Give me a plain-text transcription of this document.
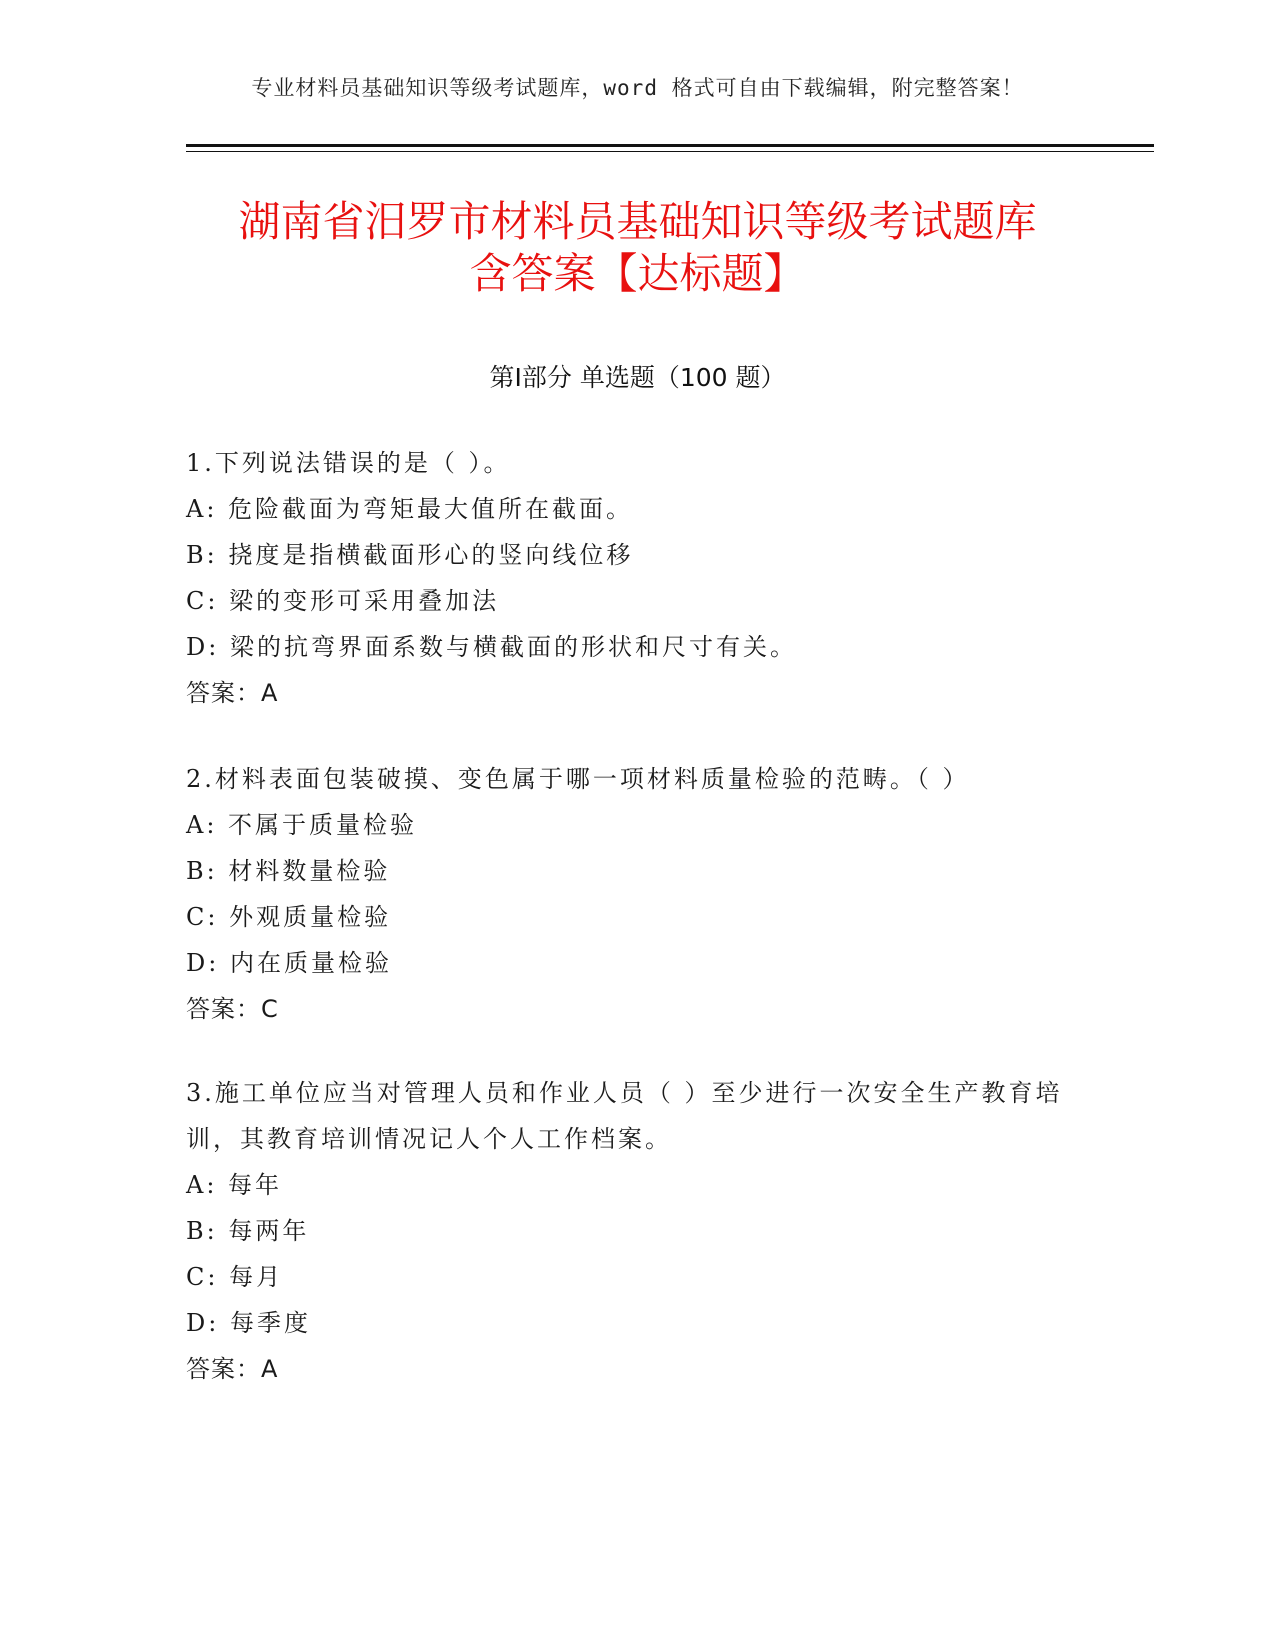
专业材料员基础知识等级考试题库，word 格式可自由下载编辑，附完整答案！
湖南省汨罗市材料员基础知识等级考试题库
含答案【达标题】
第Ⅰ部分 单选题（100 题）
1.下列说法错误的是（ ）。
A: 危险截面为弯矩最大值所在截面。
B: 挠度是指横截面形心的竖向线位移
C: 梁的变形可采用叠加法
D: 梁的抗弯界面系数与横截面的形状和尺寸有关。
答案：A
2.材料表面包装破摸、变色属于哪一项材料质量检验的范畴。（ ）
A: 不属于质量检验
B: 材料数量检验
C: 外观质量检验
D: 内在质量检验
答案：C
3.施工单位应当对管理人员和作业人员（ ）至少进行一次安全生产教育培训，其教育培训情况记人个人工作档案。
A: 每年
B: 每两年
C: 每月
D: 每季度
答案：A
